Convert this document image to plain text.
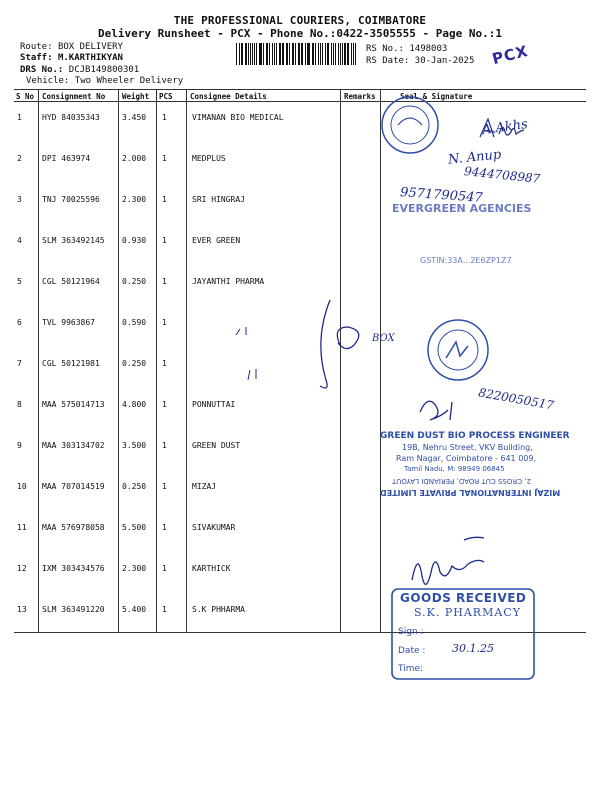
THE PROFESSIONAL COURIERS, COIMBATORE
Delivery Runsheet - PCX - Phone No.:0422-3505555 - Page No.:1
Route: BOX DELIVERY
Staff: M.KARTHIKYAN
DRS No.: DCJB149800301
Vehicle: Two Wheeler Delivery
RS No.: 1498003
RS Date: 30-Jan-2025 PCX
S No Consignment No Weight PCS Consignee Details	Remarks	Seal & Signature
1	HYD 84035343	3.450 1	VIMANAN BIO MEDICAL
2	DPI 463974	2.000 1	MEDPLUS
3	TNJ 70025596	2.300 1	SRI HINGRAJ
4	SLM 363492145 0.930 1	EVER GREEN
5	CGL 50121964	0.250 1	JAYANTHI PHARMA
6	TVL 9963867	0.590 1
7	CGL 50121981	0.250 1
8	MAA 575014713 4.800 1	PONNUTTAI
9	MAA 303134702 3.500 1	GREEN DUST
10 MAA 707014519 0.250 1	MIZAJ
11 MAA 576978058 5.500 1	SIVAKUMAR
12 IXM 303434576 2.300 1	KARTHICK
13 SLM 363491220 5.400 1	S.K PHHARMA
EVERGREEN AGENCIES
GSTIN:33A...2E6ZP1Z7
GREEN DUST BIO PROCESS ENGINEER
19B, Nehru Street, VKV Building,
Ram Nagar, Coimbatore - 641 009,
Tamil Nadu, M: 98949 06845
2, CROSS CUT ROAD, PERIANDI LAYOUT
MIZAJ INTERNATIONAL PRIVATE LIMITED
GOODS RECEIVED
S.K. PHARMACY
Sign :
Date : 30.1.25
Time:
A.Akhs
N. Anup
9444708987
9571790547
BOX
8220050517
